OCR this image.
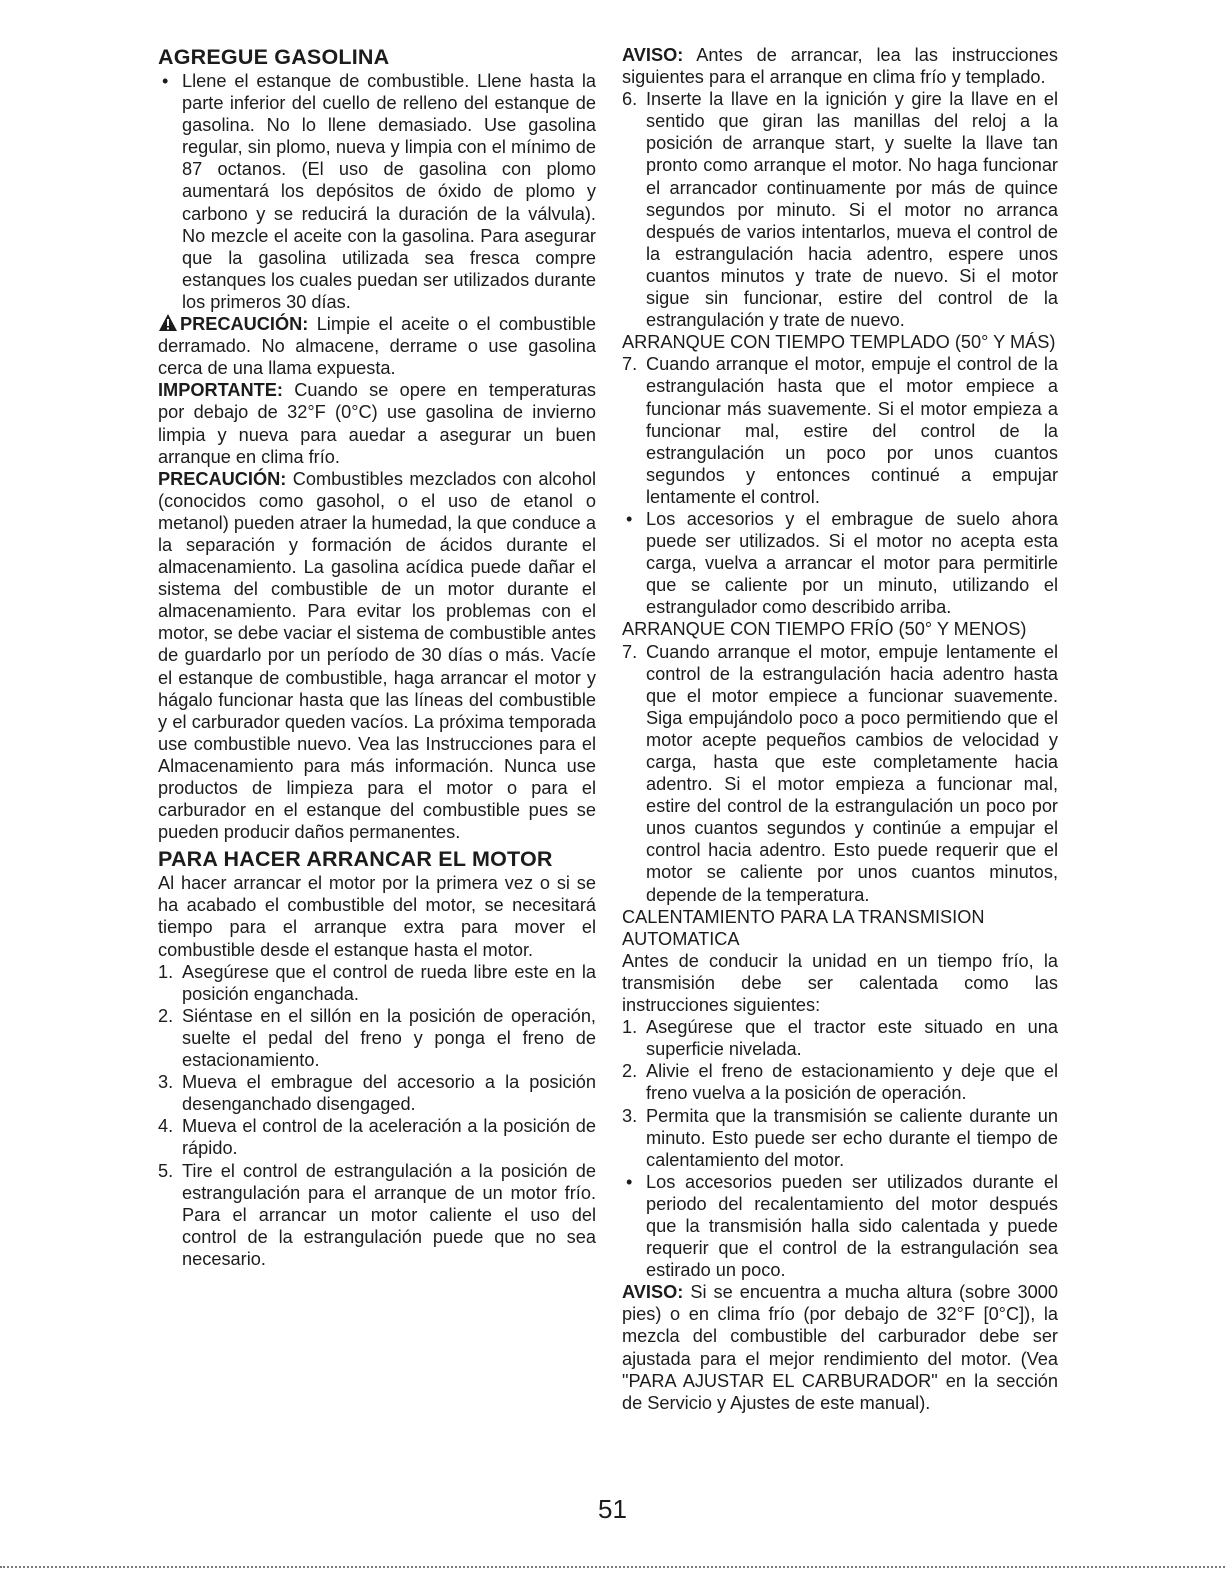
AGREGUE GASOLINA

• Llene el estanque de combustible. Llene hasta la parte inferior del cuello de relleno del estanque de gasolina. No lo llene demasiado. Use gasolina regular, sin plomo, nueva y limpia con el mínimo de 87 octanos. (El uso de gasolina con plomo aumentará los depósitos de óxido de plomo y carbono y se reducirá la duración de la válvula). No mezcle el aceite con la gasolina. Para asegurar que la gasolina utilizada sea fresca compre estanques los cuales puedan ser utilizados durante los primeros 30 días.

PRECAUCIÓN: Limpie el aceite o el combustible derramado. No almacene, derrame o use gasolina cerca de una llama expuesta.

IMPORTANTE: Cuando se opere en temperaturas por debajo de 32°F (0°C) use gasolina de invierno limpia y nueva para auedar a asegurar un buen arranque en clima frío.

PRECAUCIÓN: Combustibles mezclados con alcohol (conocidos como gasohol, o el uso de etanol o metanol) pueden atraer la humedad, la que conduce a la separación y formación de ácidos durante el almacenamiento. La gasolina acídica puede dañar el sistema del combustible de un motor durante el almacenamiento. Para evitar los problemas con el motor, se debe vaciar el sistema de combustible antes de guardarlo por un período de 30 días o más. Vacíe el estanque de combustible, haga arrancar el motor y hágalo funcionar hasta que las líneas del combustible y el carburador queden vacíos. La próxima temporada use combustible nuevo. Vea las Instrucciones para el Almacenamiento para más información. Nunca use productos de limpieza para el motor o para el carburador en el estanque del combustible pues se pueden producir daños permanentes.

PARA HACER ARRANCAR EL MOTOR

Al hacer arrancar el motor por la primera vez o si se ha acabado el combustible del motor, se necesitará tiempo para el arranque extra para mover el combustible desde el estanque hasta el motor.

1. Asegúrese que el control de rueda libre este en la posición enganchada.

2. Siéntase en el sillón en la posición de operación, suelte el pedal del freno y ponga el freno de estacionamiento.

3. Mueva el embrague del accesorio a la posición desenganchado disengaged.

4. Mueva el control de la aceleración a la posición de rápido.

5. Tire el control de estrangulación a la posición de estrangulación para el arranque de un motor frío. Para el arrancar un motor caliente el uso del control de la estrangulación puede que no sea necesario.

AVISO: Antes de arrancar, lea las instrucciones siguientes para el arranque en clima frío y templado.

6. Inserte la llave en la ignición y gire la llave en el sentido que giran las manillas del reloj a la posición de arranque start, y suelte la llave tan pronto como arranque el motor. No haga funcionar el arrancador continuamente por más de quince segundos por minuto. Si el motor no arranca después de varios intentarlos, mueva el control de la estrangulación hacia adentro, espere unos cuantos minutos y trate de nuevo. Si el motor sigue sin funcionar, estire del control de la estrangulación y trate de nuevo.

ARRANQUE CON TIEMPO TEMPLADO (50° Y MÁS)

7. Cuando arranque el motor, empuje el control de la estrangulación hasta que el motor empiece a funcionar más suavemente. Si el motor empieza a funcionar mal, estire del control de la estrangulación un poco por unos cuantos segundos y entonces continué a empujar lentamente el control.

• Los accesorios y el embrague de suelo ahora puede ser utilizados. Si el motor no acepta esta carga, vuelva a arrancar el motor para permitirle que se caliente por un minuto, utilizando el estrangulador como describido arriba.

ARRANQUE CON TIEMPO FRÍO (50° Y MENOS)

7. Cuando arranque el motor, empuje lentamente el control de la estrangulación hacia adentro hasta que el motor empiece a funcionar suavemente. Siga empujándolo poco a poco permitiendo que el motor acepte pequeños cambios de velocidad y carga, hasta que este completamente hacia adentro. Si el motor empieza a funcionar mal, estire del control de la estrangulación un poco por unos cuantos segundos y continúe a empujar el control hacia adentro. Esto puede requerir que el motor se caliente por unos cuantos minutos, depende de la temperatura.

CALENTAMIENTO PARA LA TRANSMISION AUTOMATICA

Antes de conducir la unidad en un tiempo frío, la transmisión debe ser calentada como las instrucciones siguientes:

1. Asegúrese que el tractor este situado en una superficie nivelada.

2. Alivie el freno de estacionamiento y deje que el freno vuelva a la posición de operación.

3. Permita que la transmisión se caliente durante un minuto. Esto puede ser echo durante el tiempo de calentamiento del motor.

• Los accesorios pueden ser utilizados durante el periodo del recalentamiento del motor después que la transmisión halla sido calentada y puede requerir que el control de la estrangulación sea estirado un poco.

AVISO: Si se encuentra a mucha altura (sobre 3000 pies) o en clima frío (por debajo de 32°F [0°C]), la mezcla del combustible del carburador debe ser ajustada para el mejor rendimiento del motor. (Vea "PARA AJUSTAR EL CARBURADOR" en la sección de Servicio y Ajustes de este manual).

51
